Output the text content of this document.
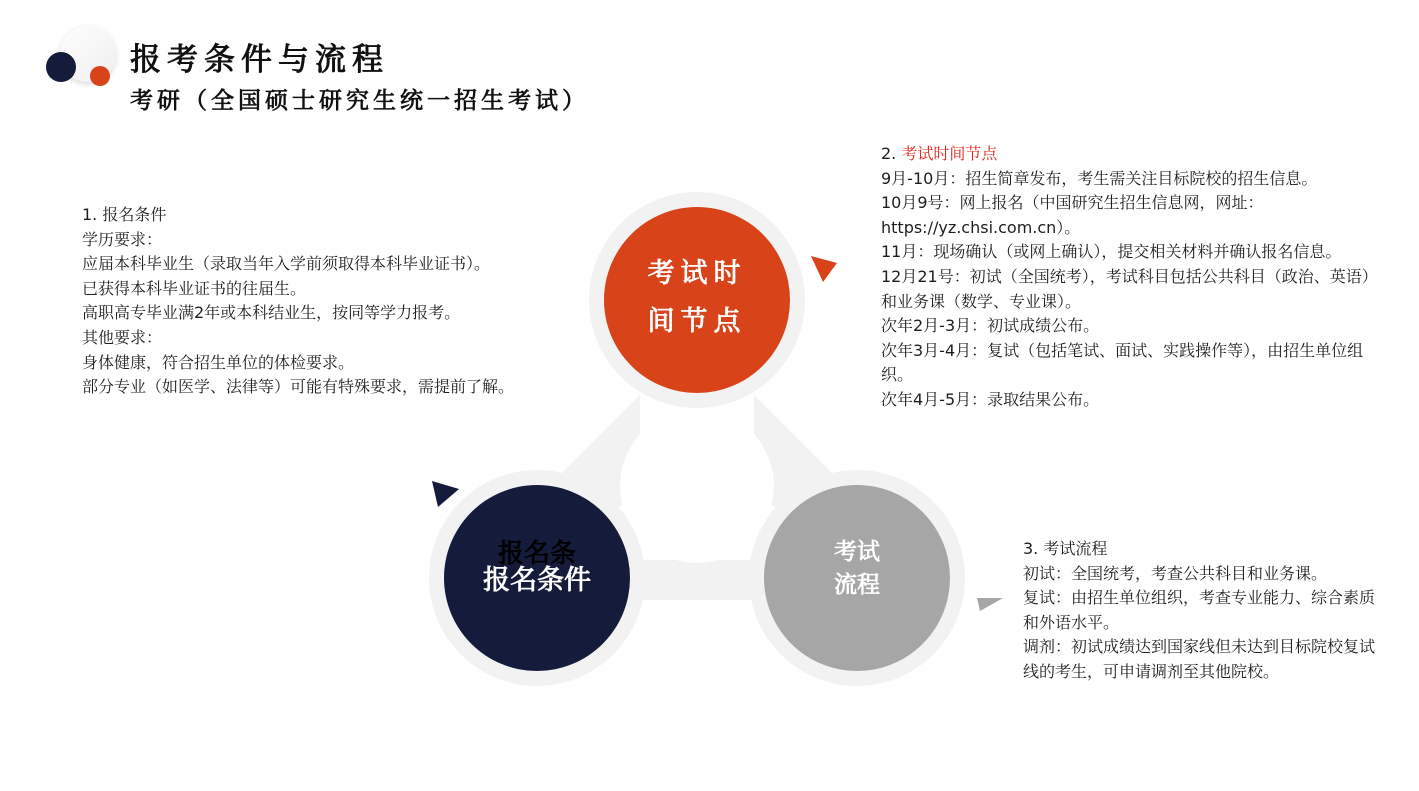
报考条件与流程
考研（全国硕士研究生统一招生考试）
考试时
间节点
报名条
报名条件
考试
流程
1. 报名条件
学历要求：
应届本科毕业生（录取当年入学前须取得本科毕业证书）。
已获得本科毕业证书的往届生。
高职高专毕业满2年或本科结业生，按同等学力报考。
其他要求：
身体健康，符合招生单位的体检要求。
部分专业（如医学、法律等）可能有特殊要求，需提前了解。
2. 考试时间节点
9月-10月：招生简章发布，考生需关注目标院校的招生信息。
10月9号：网上报名（中国研究生招生信息网，网址：https://yz.chsi.com.cn）。
11月：现场确认（或网上确认），提交相关材料并确认报名信息。
12月21号：初试（全国统考），考试科目包括公共科目（政治、英语）和业务课（数学、专业课）。
次年2月-3月：初试成绩公布。
次年3月-4月：复试（包括笔试、面试、实践操作等），由招生单位组织。
次年4月-5月：录取结果公布。
3. 考试流程
初试：全国统考，考查公共科目和业务课。
复试：由招生单位组织，考查专业能力、综合素质和外语水平。
调剂：初试成绩达到国家线但未达到目标院校复试线的考生，可申请调剂至其他院校。
